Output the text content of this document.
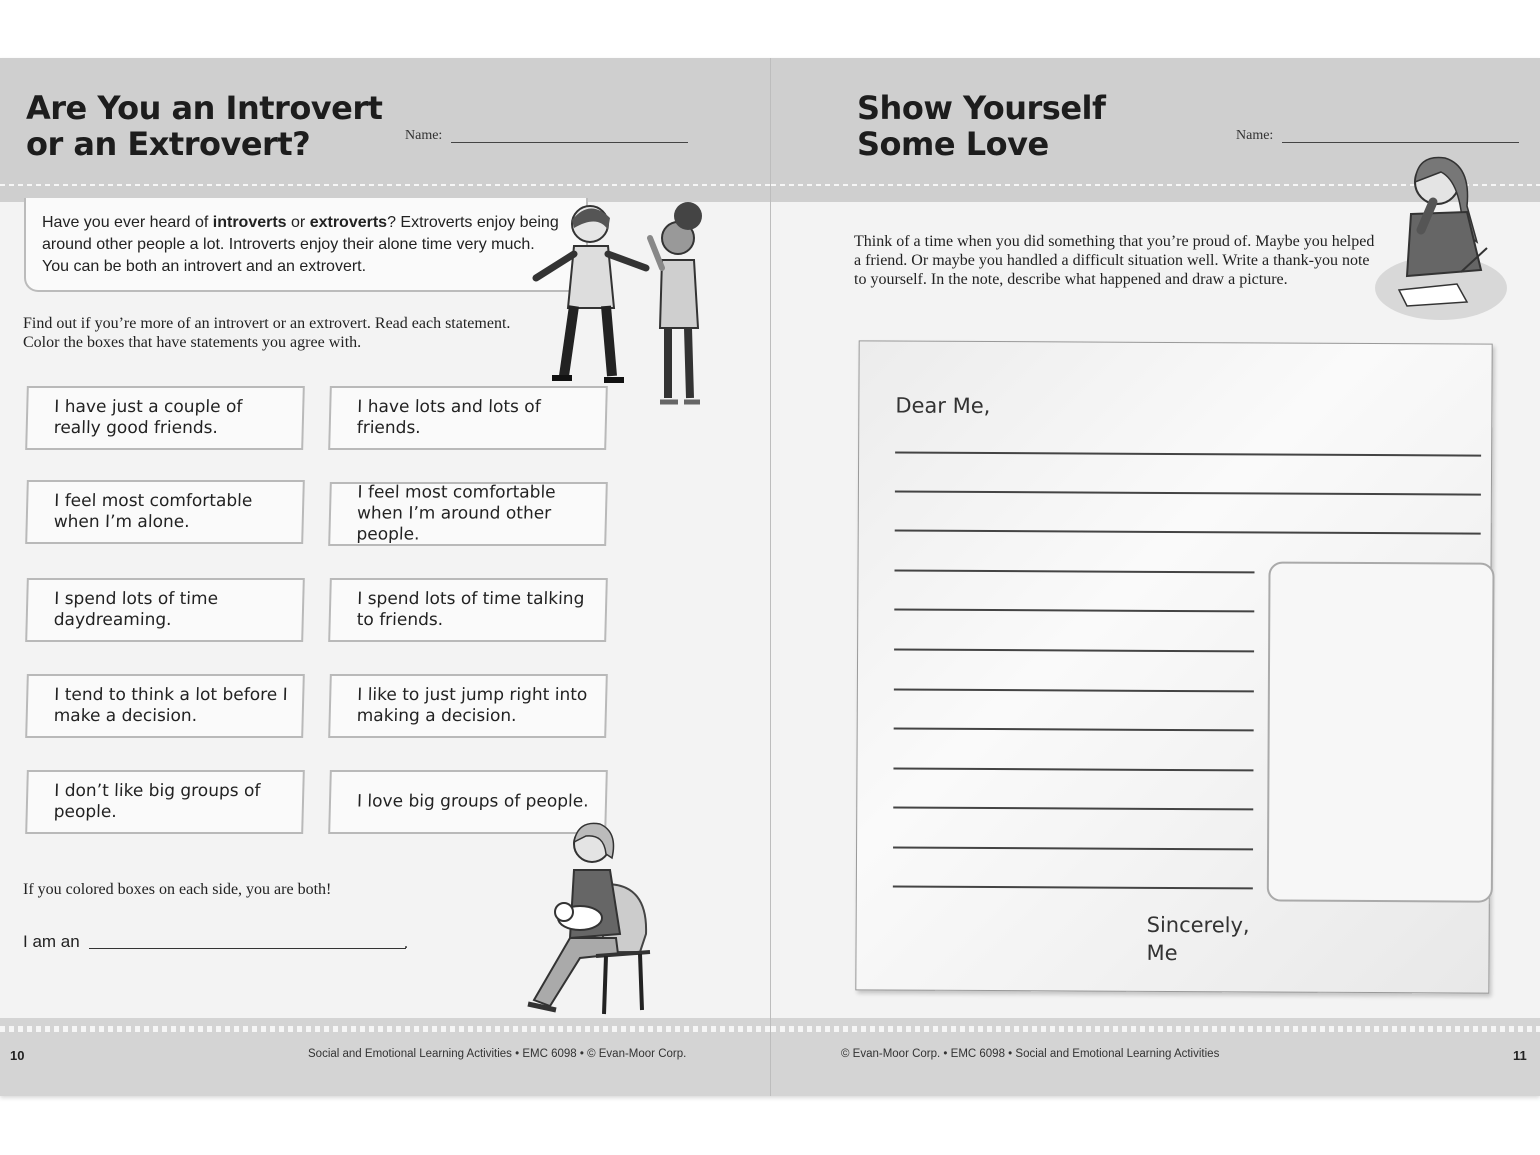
Are You an Introvert
or an Extrovert?	Name:
Have you ever heard of introverts or extroverts? Extroverts enjoy being around other people a lot. Introverts enjoy their alone time very much. You can be both an introvert and an extrovert.
Find out if you’re more of an introvert or an extrovert. Read each statement. Color the boxes that have statements you agree with.
I have just a couple of really good friends.
I have lots and lots of friends.
I feel most comfortable when I’m alone.
I feel most comfortable when I’m around other people.
I spend lots of time daydreaming.
I spend lots of time talking to friends.
I tend to think a lot before I make a decision.
I like to just jump right into making a decision.
I don’t like big groups of people.
I love big groups of people.
If you colored boxes on each side, you are both!
I am an	.
10	Social and Emotional Learning Activities • EMC 6098 • © Evan-Moor Corp.
Show Yourself
Some Love	Name:
Think of a time when you did something that you’re proud of. Maybe you helped a friend. Or maybe you handled a difficult situation well. Write a thank-you note to yourself. In the note, describe what happened and draw a picture.
Dear Me,
Sincerely,
Me
© Evan-Moor Corp. • EMC 6098 • Social and Emotional Learning Activities	11
